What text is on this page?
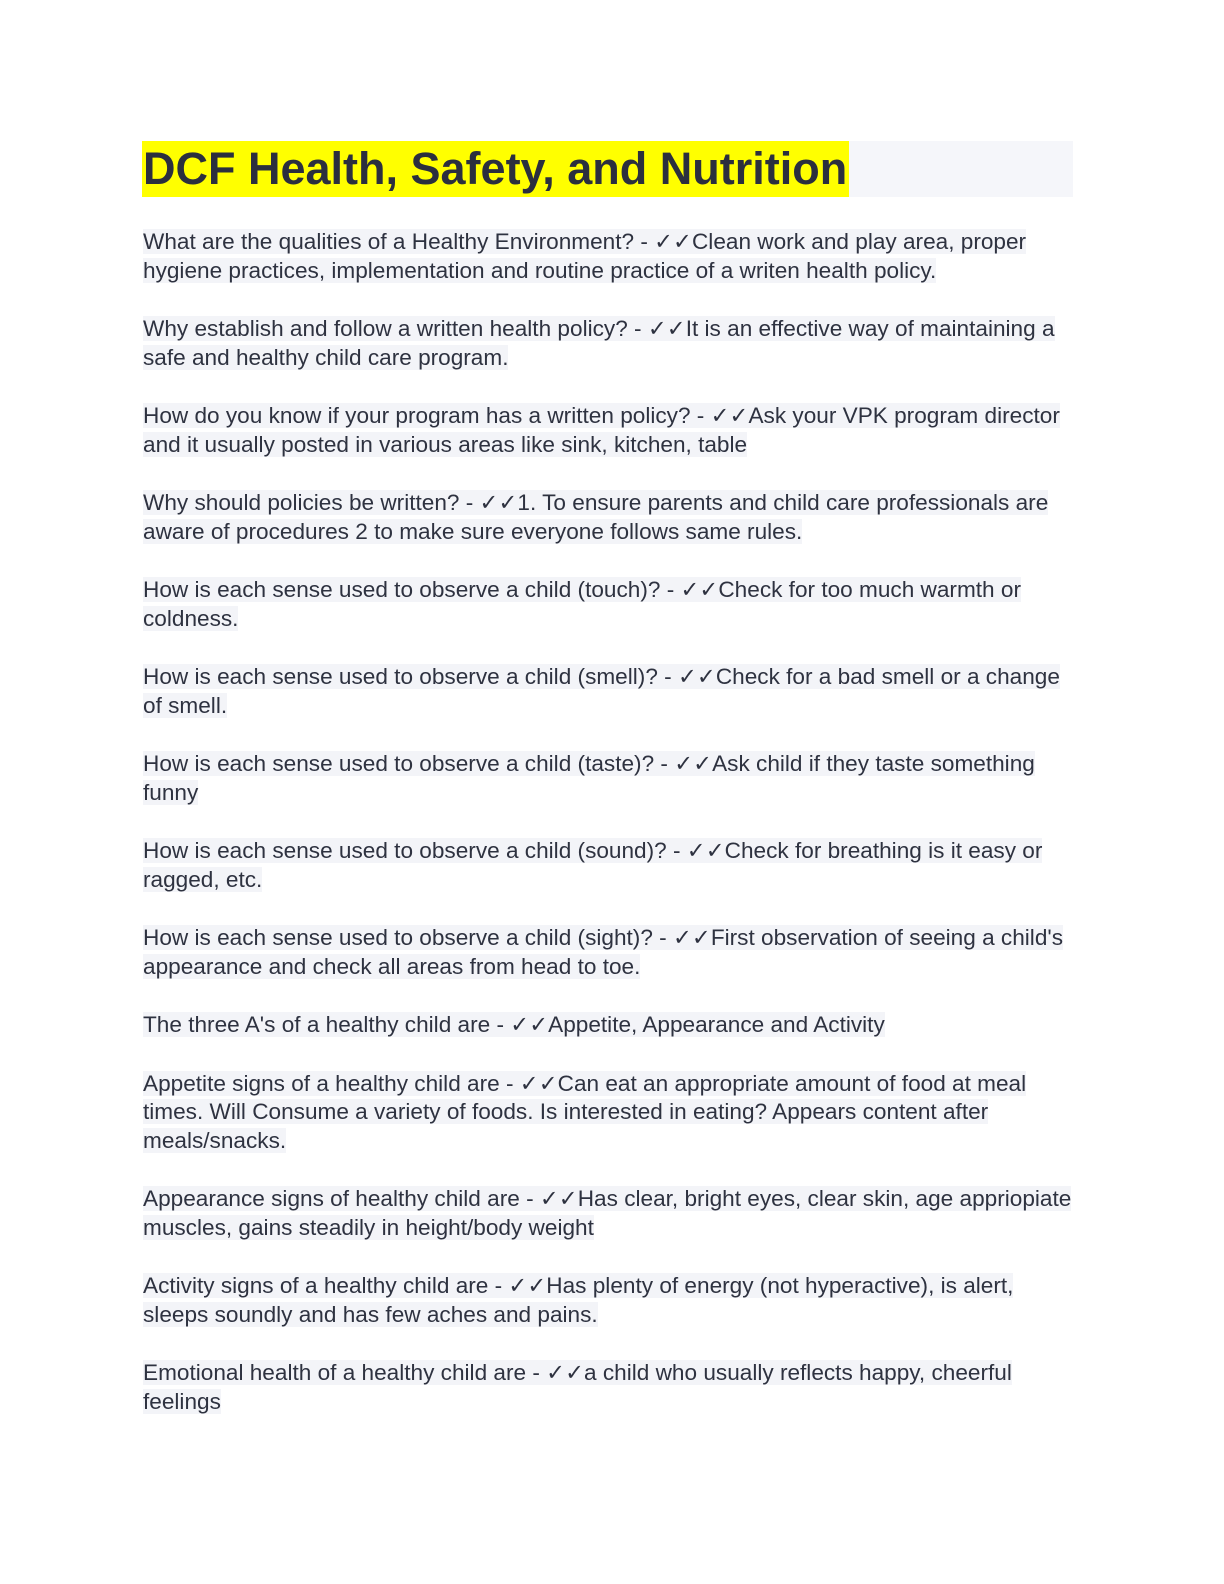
DCF Health, Safety, and Nutrition

What are the qualities of a Healthy Environment? - ✓✓Clean work and play area, proper hygiene practices, implementation and routine practice of a writen health policy.

Why establish and follow a written health policy? - ✓✓It is an effective way of maintaining a safe and healthy child care program.

How do you know if your program has a written policy? - ✓✓Ask your VPK program director and it usually posted in various areas like sink, kitchen, table

Why should policies be written? - ✓✓1. To ensure parents and child care professionals are aware of procedures 2 to make sure everyone follows same rules.

How is each sense used to observe a child (touch)? - ✓✓Check for too much warmth or coldness.

How is each sense used to observe a child (smell)? - ✓✓Check for a bad smell or a change of smell.

How is each sense used to observe a child (taste)? - ✓✓Ask child if they taste something funny

How is each sense used to observe a child (sound)? - ✓✓Check for breathing is it easy or ragged, etc.

How is each sense used to observe a child (sight)? - ✓✓First observation of seeing a child's appearance and check all areas from head to toe.

The three A's of a healthy child are - ✓✓Appetite, Appearance and Activity

Appetite signs of a healthy child are - ✓✓Can eat an appropriate amount of food at meal times. Will Consume a variety of foods. Is interested in eating? Appears content after meals/snacks.

Appearance signs of healthy child are - ✓✓Has clear, bright eyes, clear skin, age appriopiate muscles, gains steadily in height/body weight

Activity signs of a healthy child are - ✓✓Has plenty of energy (not hyperactive), is alert, sleeps soundly and has few aches and pains.

Emotional health of a healthy child are - ✓✓a child who usually reflects happy, cheerful feelings
